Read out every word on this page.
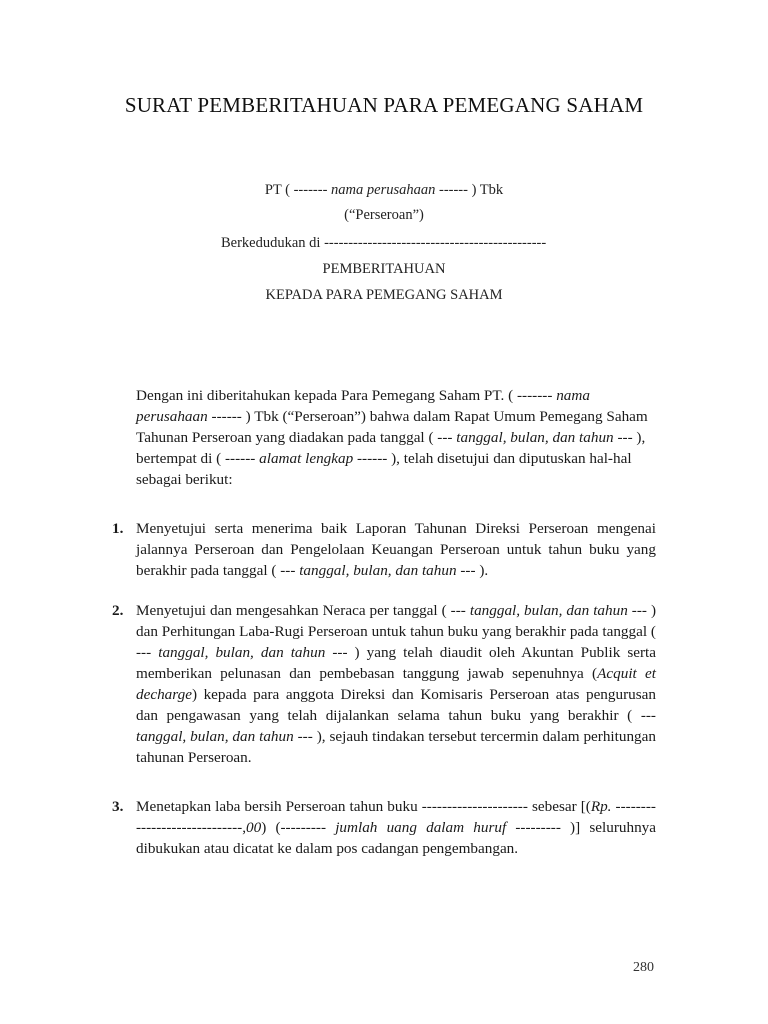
SURAT PEMBERITAHUAN PARA PEMEGANG SAHAM
PT ( ------- nama perusahaan ------ ) Tbk
(“Perseroan”)
Berkedudukan di ----------------------------------------------
PEMBERITAHUAN
KEPADA PARA PEMEGANG SAHAM
Dengan ini diberitahukan kepada Para Pemegang Saham PT. ( ------- nama perusahaan ------ ) Tbk (“Perseroan”) bahwa dalam Rapat Umum Pemegang Saham Tahunan Perseroan yang diadakan pada tanggal ( --- tanggal, bulan, dan tahun --- ), bertempat di ( ------ alamat lengkap ------ ), telah disetujui dan diputuskan hal-hal sebagai berikut:
1. Menyetujui serta menerima baik Laporan Tahunan Direksi Perseroan mengenai jalannya Perseroan dan Pengelolaan Keuangan Perseroan untuk tahun buku yang berakhir pada tanggal ( --- tanggal, bulan, dan tahun --- ).
2. Menyetujui dan mengesahkan Neraca per tanggal ( --- tanggal, bulan, dan tahun --- ) dan Perhitungan Laba-Rugi Perseroan untuk tahun buku yang berakhir pada tanggal ( --- tanggal, bulan, dan tahun --- ) yang telah diaudit oleh Akuntan Publik serta memberikan pelunasan dan pembebasan tanggung jawab sepenuhnya (Acquit et decharge) kepada para anggota Direksi dan Komisaris Perseroan atas pengurusan dan pengawasan yang telah dijalankan selama tahun buku yang berakhir ( --- tanggal, bulan, dan tahun --- ), sejauh tindakan tersebut tercermin dalam perhitungan tahunan Perseroan.
3. Menetapkan laba bersih Perseroan tahun buku --------------------- sebesar [(Rp. -----------------------------,00) (--------- jumlah uang dalam huruf --------- )] seluruhnya dibukukan atau dicatat ke dalam pos cadangan pengembangan.
280
